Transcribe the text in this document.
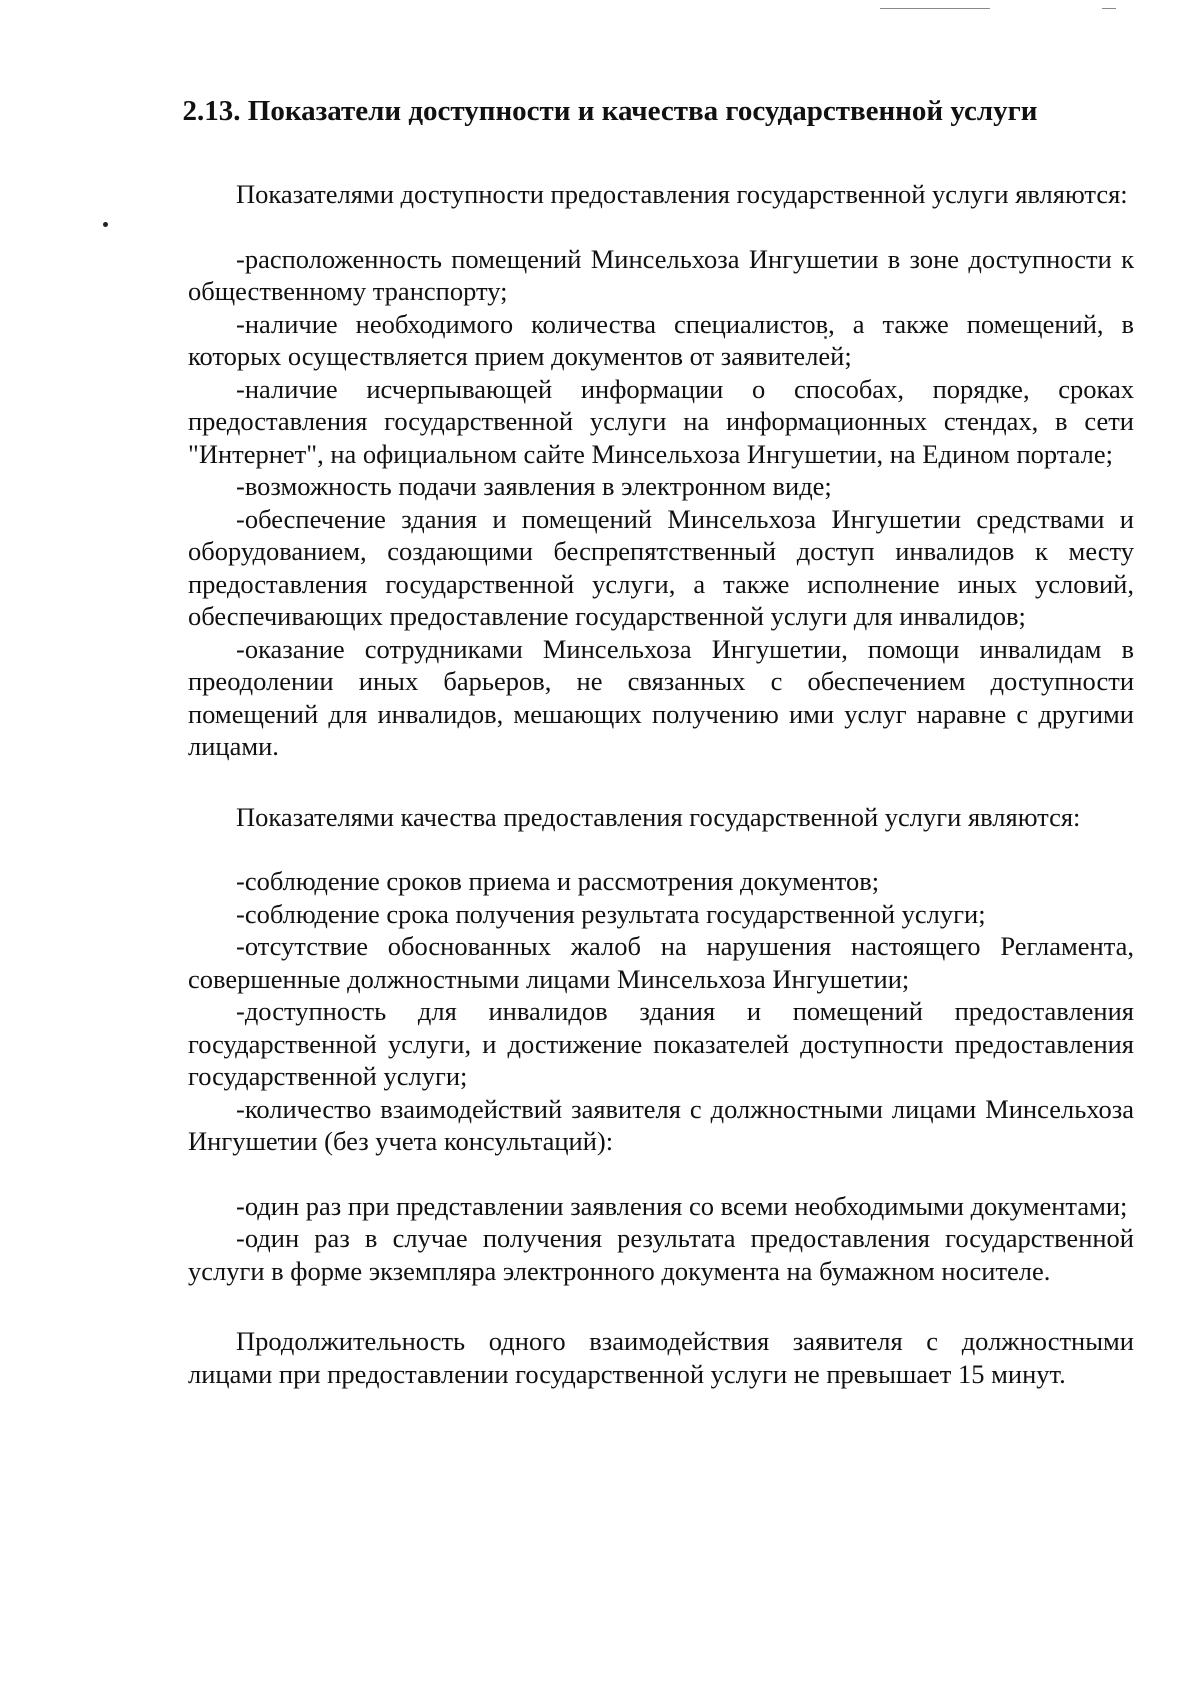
2.13. Показатели доступности и качества государственной услуги

Показателями доступности предоставления государственной услуги являются:

-расположенность помещений Минсельхоза Ингушетии в зоне доступности к общественному транспорту;

-наличие необходимого количества специалистов, а также помещений, в которых осуществляется прием документов от заявителей;

-наличие исчерпывающей информации о способах, порядке, сроках предоставления государственной услуги на информационных стендах, в сети "Интернет", на официальном сайте Минсельхоза Ингушетии, на Едином портале;

-возможность подачи заявления в электронном виде;

-обеспечение здания и помещений Минсельхоза Ингушетии средствами и оборудованием, создающими беспрепятственный доступ инвалидов к месту предоставления государственной услуги, а также исполнение иных условий, обеспечивающих предоставление государственной услуги для инвалидов;

-оказание сотрудниками Минсельхоза Ингушетии, помощи инвалидам в преодолении иных барьеров, не связанных с обеспечением доступности помещений для инвалидов, мешающих получению ими услуг наравне с другими лицами.

Показателями качества предоставления государственной услуги являются:

-соблюдение сроков приема и рассмотрения документов;

-соблюдение срока получения результата государственной услуги;

-отсутствие обоснованных жалоб на нарушения настоящего Регламента, совершенные должностными лицами Минсельхоза Ингушетии;

-доступность для инвалидов здания и помещений предоставления государственной услуги, и достижение показателей доступности предоставления государственной услуги;

-количество взаимодействий заявителя с должностными лицами Минсельхоза Ингушетии (без учета консультаций):

-один раз при представлении заявления со всеми необходимыми документами;

-один раз в случае получения результата предоставления государственной услуги в форме экземпляра электронного документа на бумажном носителе.

Продолжительность одного взаимодействия заявителя с должностными лицами при предоставлении государственной услуги не превышает 15 минут.
